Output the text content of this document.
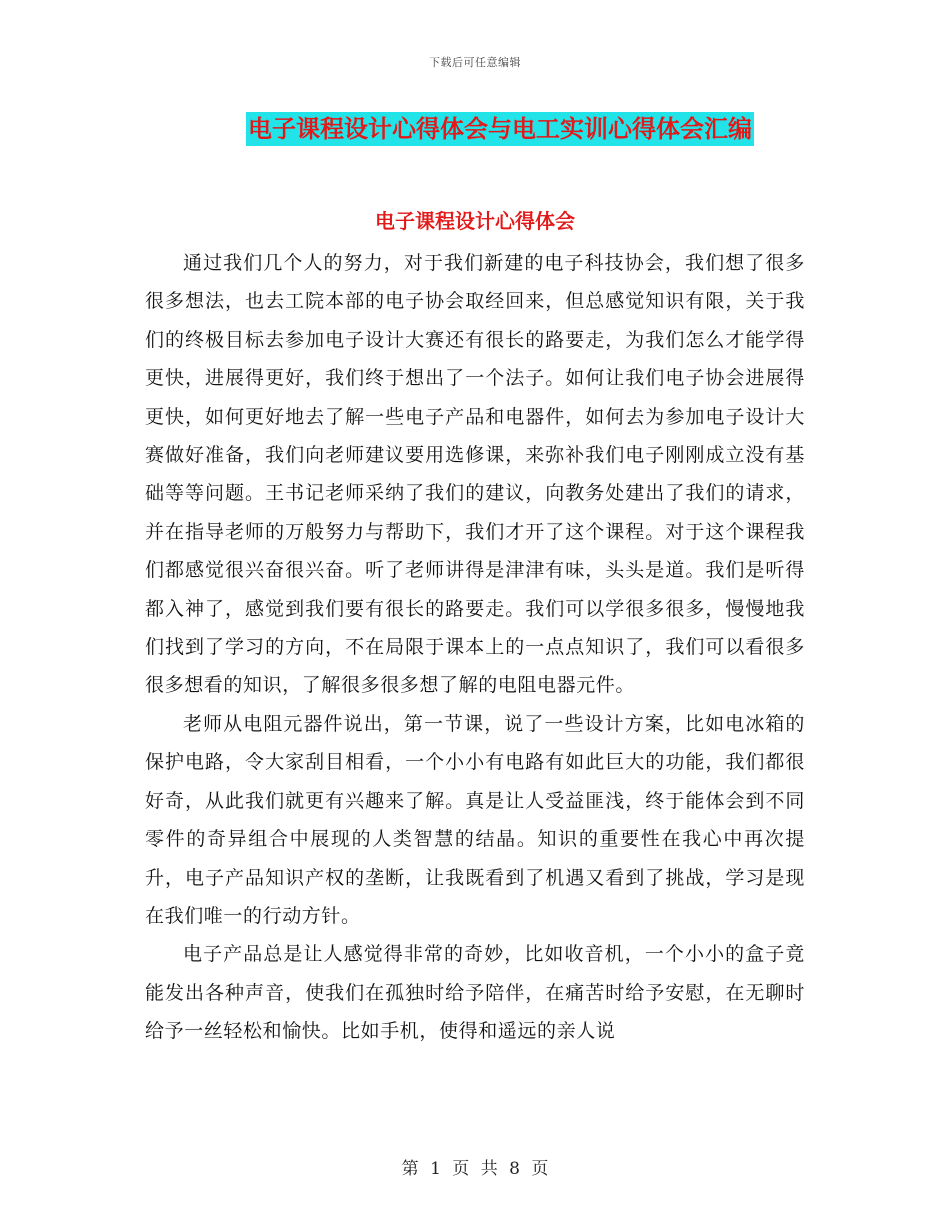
下载后可任意编辑
电子课程设计心得体会与电工实训心得体会汇编
电子课程设计心得体会

通过我们几个人的努力，对于我们新建的电子科技协会，我们想了很多很多想法，也去工院本部的电子协会取经回来，但总感觉知识有限，关于我们的终极目标去参加电子设计大赛还有很长的路要走，为我们怎么才能学得更快，进展得更好，我们终于想出了一个法子。如何让我们电子协会进展得更快，如何更好地去了解一些电子产品和电器件，如何去为参加电子设计大赛做好准备，我们向老师建议要用选修课，来弥补我们电子刚刚成立没有基础等等问题。王书记老师采纳了我们的建议，向教务处建出了我们的请求，并在指导老师的万般努力与帮助下，我们才开了这个课程。对于这个课程我们都感觉很兴奋很兴奋。听了老师讲得是津津有味，头头是道。我们是听得都入神了，感觉到我们要有很长的路要走。我们可以学很多很多，慢慢地我们找到了学习的方向，不在局限于课本上的一点点知识了，我们可以看很多很多想看的知识，了解很多很多想了解的电阻电器元件。

老师从电阻元器件说出，第一节课，说了一些设计方案，比如电冰箱的保护电路，令大家刮目相看，一个小小有电路有如此巨大的功能，我们都很好奇，从此我们就更有兴趣来了解。真是让人受益匪浅，终于能体会到不同零件的奇异组合中展现的人类智慧的结晶。知识的重要性在我心中再次提升，电子产品知识产权的垄断，让我既看到了机遇又看到了挑战，学习是现在我们唯一的行动方针。

电子产品总是让人感觉得非常的奇妙，比如收音机，一个小小的盒子竟能发出各种声音，使我们在孤独时给予陪伴，在痛苦时给予安慰，在无聊时给予一丝轻松和愉快。比如手机，使得和遥远的亲人说

第 1 页 共 8 页
